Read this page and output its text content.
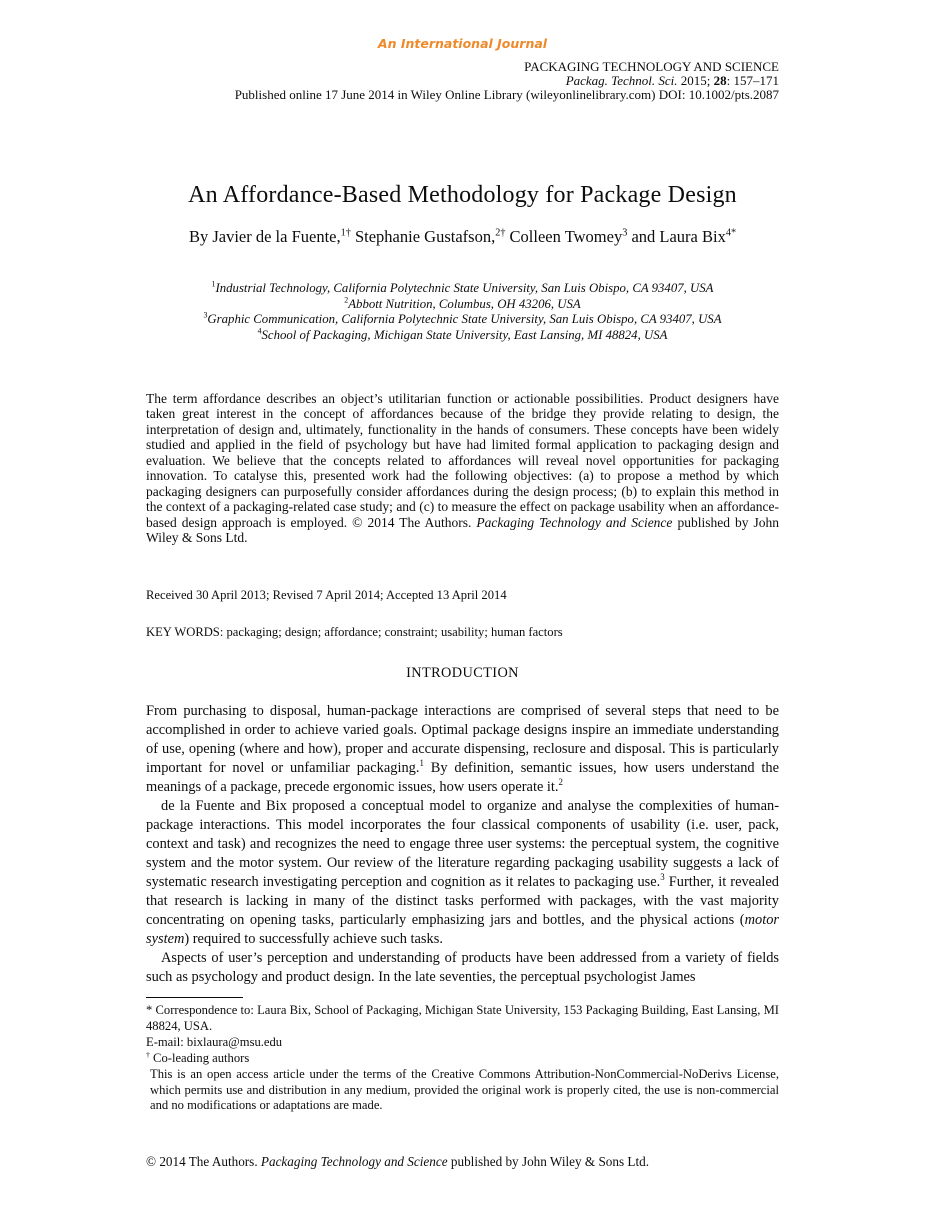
An International Journal
PACKAGING TECHNOLOGY AND SCIENCE
Packag. Technol. Sci. 2015; 28: 157–171
Published online 17 June 2014 in Wiley Online Library (wileyonlinelibrary.com) DOI: 10.1002/pts.2087
An Affordance-Based Methodology for Package Design
By Javier de la Fuente,$^{1\dagger}$ Stephanie Gustafson,$^{2\dagger}$ Colleen Twomey$^3$ and Laura Bix$^{4*}$
$^1$Industrial Technology, California Polytechnic State University, San Luis Obispo, CA 93407, USA
$^2$Abbott Nutrition, Columbus, OH 43206, USA
$^3$Graphic Communication, California Polytechnic State University, San Luis Obispo, CA 93407, USA
$^4$School of Packaging, Michigan State University, East Lansing, MI 48824, USA
The term affordance describes an object’s utilitarian function or actionable possibilities. Product designers have taken great interest in the concept of affordances because of the bridge they provide relating to design, the interpretation of design and, ultimately, functionality in the hands of consumers. These concepts have been widely studied and applied in the field of psychology but have had limited formal application to packaging design and evaluation. We believe that the concepts related to affordances will reveal novel opportunities for packaging innovation. To catalyse this, presented work had the following objectives: (a) to propose a method by which packaging designers can purposefully consider affordances during the design process; (b) to explain this method in the context of a packaging-related case study; and (c) to measure the effect on package usability when an affordance-based design approach is employed. © 2014 The Authors. Packaging Technology and Science published by John Wiley & Sons Ltd.
Received 30 April 2013; Revised 7 April 2014; Accepted 13 April 2014
KEY WORDS: packaging; design; affordance; constraint; usability; human factors
INTRODUCTION

From purchasing to disposal, human-package interactions are comprised of several steps that need to be accomplished in order to achieve varied goals. Optimal package designs inspire an immediate understanding of use, opening (where and how), proper and accurate dispensing, reclosure and disposal. This is particularly important for novel or unfamiliar packaging.$^1$ By definition, semantic issues, how users understand the meanings of a package, precede ergonomic issues, how users operate it.$^2$

de la Fuente and Bix proposed a conceptual model to organize and analyse the complexities of human-package interactions. This model incorporates the four classical components of usability (i.e. user, pack, context and task) and recognizes the need to engage three user systems: the perceptual system, the cognitive system and the motor system. Our review of the literature regarding packaging usability suggests a lack of systematic research investigating perception and cognition as it relates to packaging use.$^3$ Further, it revealed that research is lacking in many of the distinct tasks performed with packages, with the vast majority concentrating on opening tasks, particularly emphasizing jars and bottles, and the physical actions (motor system) required to successfully achieve such tasks.

Aspects of user’s perception and understanding of products have been addressed from a variety of fields such as psychology and product design. In the late seventies, the perceptual psychologist James

* Correspondence to: Laura Bix, School of Packaging, Michigan State University, 153 Packaging Building, East Lansing, MI 48824, USA.

E-mail: bixlaura@msu.edu

† Co-leading authors

This is an open access article under the terms of the Creative Commons Attribution-NonCommercial-NoDerivs License, which permits use and distribution in any medium, provided the original work is properly cited, the use is non-commercial and no modifications or adaptations are made.

© 2014 The Authors. Packaging Technology and Science published by John Wiley & Sons Ltd.
